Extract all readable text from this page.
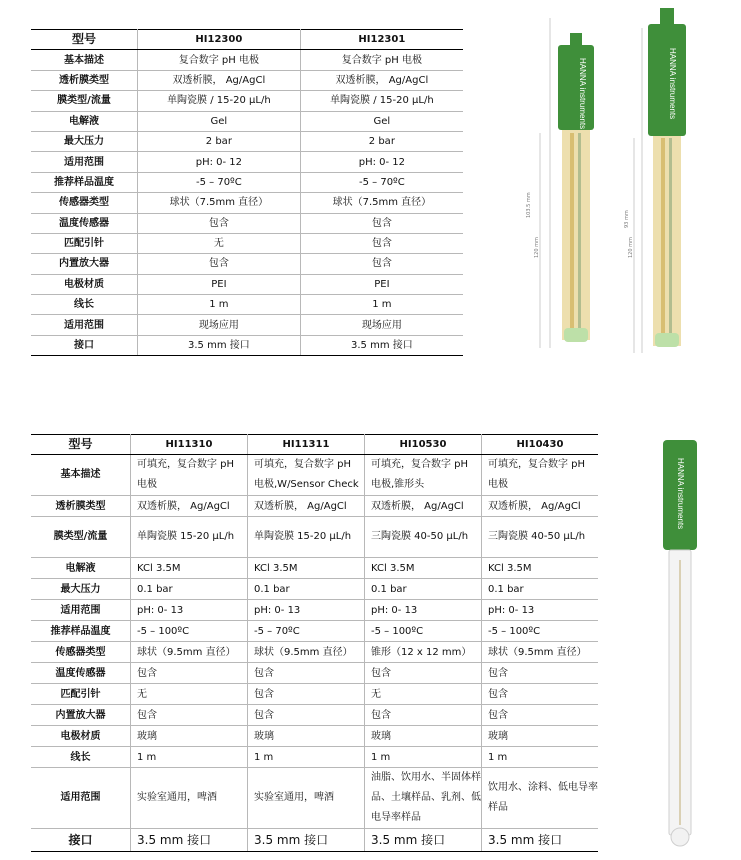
型号	HI12300	HI12301
基本描述	复合数字 pH 电极	复合数字 pH 电极
透析膜类型	双透析膜， Ag/AgCl	双透析膜， Ag/AgCl
膜类型/流量	单陶瓷膜 / 15-20 μL/h	单陶瓷膜 / 15-20 μL/h
电解液	Gel	Gel
最大压力	2 bar	2 bar
适用范围	pH: 0- 12	pH: 0- 12
推荐样品温度	-5 – 70ºC	-5 – 70ºC
传感器类型	球状（7.5mm 直径）	球状（7.5mm 直径）
温度传感器	包含	包含
匹配引针	无	包含
内置放大器	包含	包含
电极材质	PEI	PEI
线长	1 m	1 m
适用范围	现场应用	现场应用
接口	3.5 mm 接口	3.5 mm 接口
型号	HI11310	HI11311	HI10530	HI10430
基本描述	可填充，复合数字 pH 电极	可填充，复合数字 pH 电极,W/Sensor Check	可填充，复合数字 pH 电极,锥形头	可填充，复合数字 pH 电极
透析膜类型	双透析膜， Ag/AgCl	双透析膜， Ag/AgCl	双透析膜， Ag/AgCl	双透析膜， Ag/AgCl
膜类型/流量	单陶瓷膜 15-20 μL/h	单陶瓷膜 15-20 μL/h	三陶瓷膜 40-50 μL/h	三陶瓷膜 40-50 μL/h
电解液	KCl 3.5M	KCl 3.5M	KCl 3.5M	KCl 3.5M
最大压力	0.1 bar	0.1 bar	0.1 bar	0.1 bar
适用范围	pH: 0- 13	pH: 0- 13	pH: 0- 13	pH: 0- 13
推荐样品温度	-5 – 100ºC	-5 – 70ºC	-5 – 100ºC	-5 – 100ºC
传感器类型	球状（9.5mm 直径）	球状（9.5mm 直径）	锥形（12 x 12 mm）	球状（9.5mm 直径）
温度传感器	包含	包含	包含	包含
匹配引针	无	包含	无	包含
内置放大器	包含	包含	包含	包含
电极材质	玻璃	玻璃	玻璃	玻璃
线长	1 m	1 m	1 m	1 m
适用范围	实验室通用，啤酒	实验室通用，啤酒	油脂、饮用水、半固体样品、土壤样品、乳剂、低电导率样品	饮用水、涂料、低电导率样品
接口	3.5 mm 接口	3.5 mm 接口	3.5 mm 接口	3.5 mm 接口
HANNA instruments
103.5 mm
120 mm
HANNA instruments
93 mm
120 mm
HANNA instruments
